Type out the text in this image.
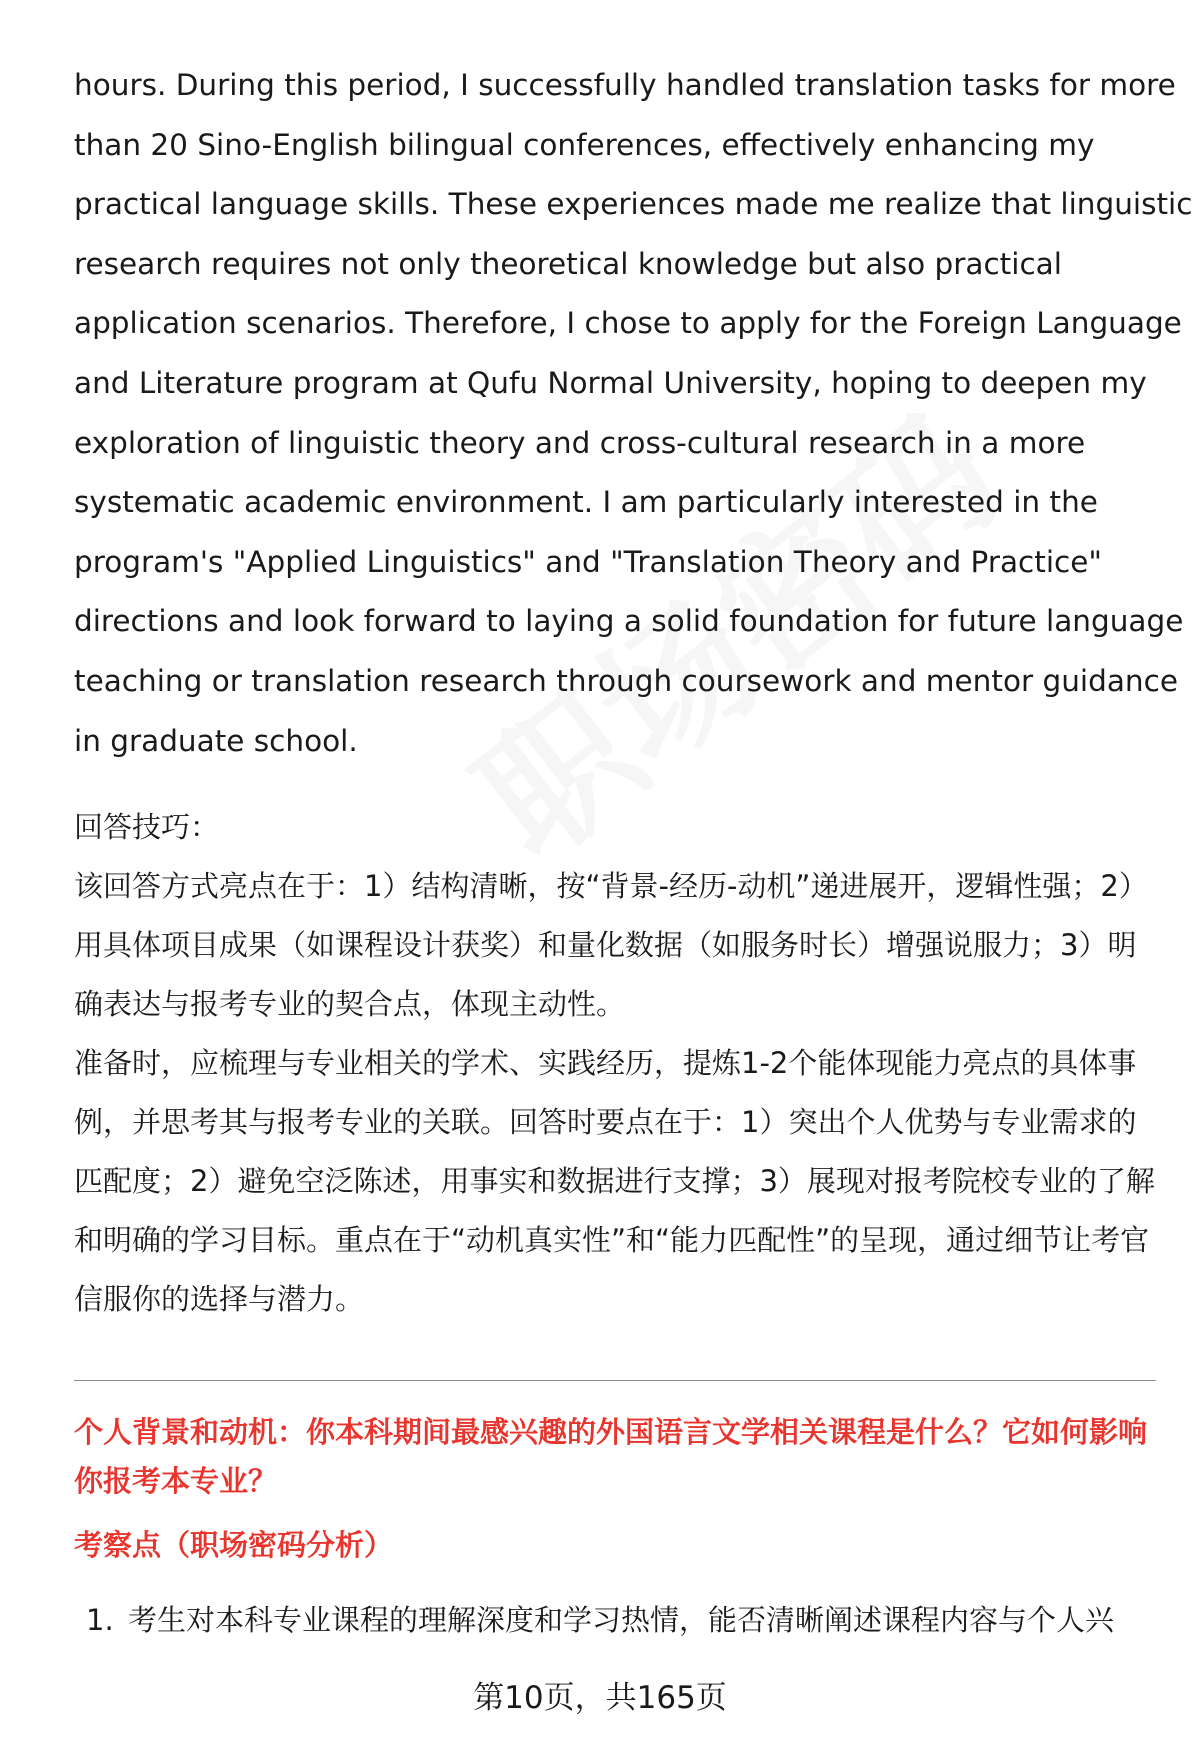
hours. During this period, I successfully handled translation tasks for more
than 20 Sino-English bilingual conferences, effectively enhancing my
practical language skills. These experiences made me realize that linguistic
research requires not only theoretical knowledge but also practical
application scenarios. Therefore, I chose to apply for the Foreign Language
and Literature program at Qufu Normal University, hoping to deepen my
exploration of linguistic theory and cross-cultural research in a more
systematic academic environment. I am particularly interested in the
program's "Applied Linguistics" and "Translation Theory and Practice"
directions and look forward to laying a solid foundation for future language
teaching or translation research through coursework and mentor guidance
in graduate school.

回答技巧：

该回答方式亮点在于：1）结构清晰，按“背景-经历-动机”递进展开，逻辑性强；2）用具体项目成果（如课程设计获奖）和量化数据（如服务时长）增强说服力；3）明确表达与报考专业的契合点，体现主动性。

准备时，应梳理与专业相关的学术、实践经历，提炼1-2个能体现能力亮点的具体事例，并思考其与报考专业的关联。回答时要点在于：1）突出个人优势与专业需求的匹配度；2）避免空泛陈述，用事实和数据进行支撑；3）展现对报考院校专业的了解和明确的学习目标。重点在于“动机真实性”和“能力匹配性”的呈现，通过细节让考官信服你的选择与潜力。

个人背景和动机：你本科期间最感兴趣的外国语言文学相关课程是什么？它如何影响你报考本专业？

考察点（职场密码分析）

1. 考生对本科专业课程的理解深度和学习热情，能否清晰阐述课程内容与个人兴
第10页，共165页
